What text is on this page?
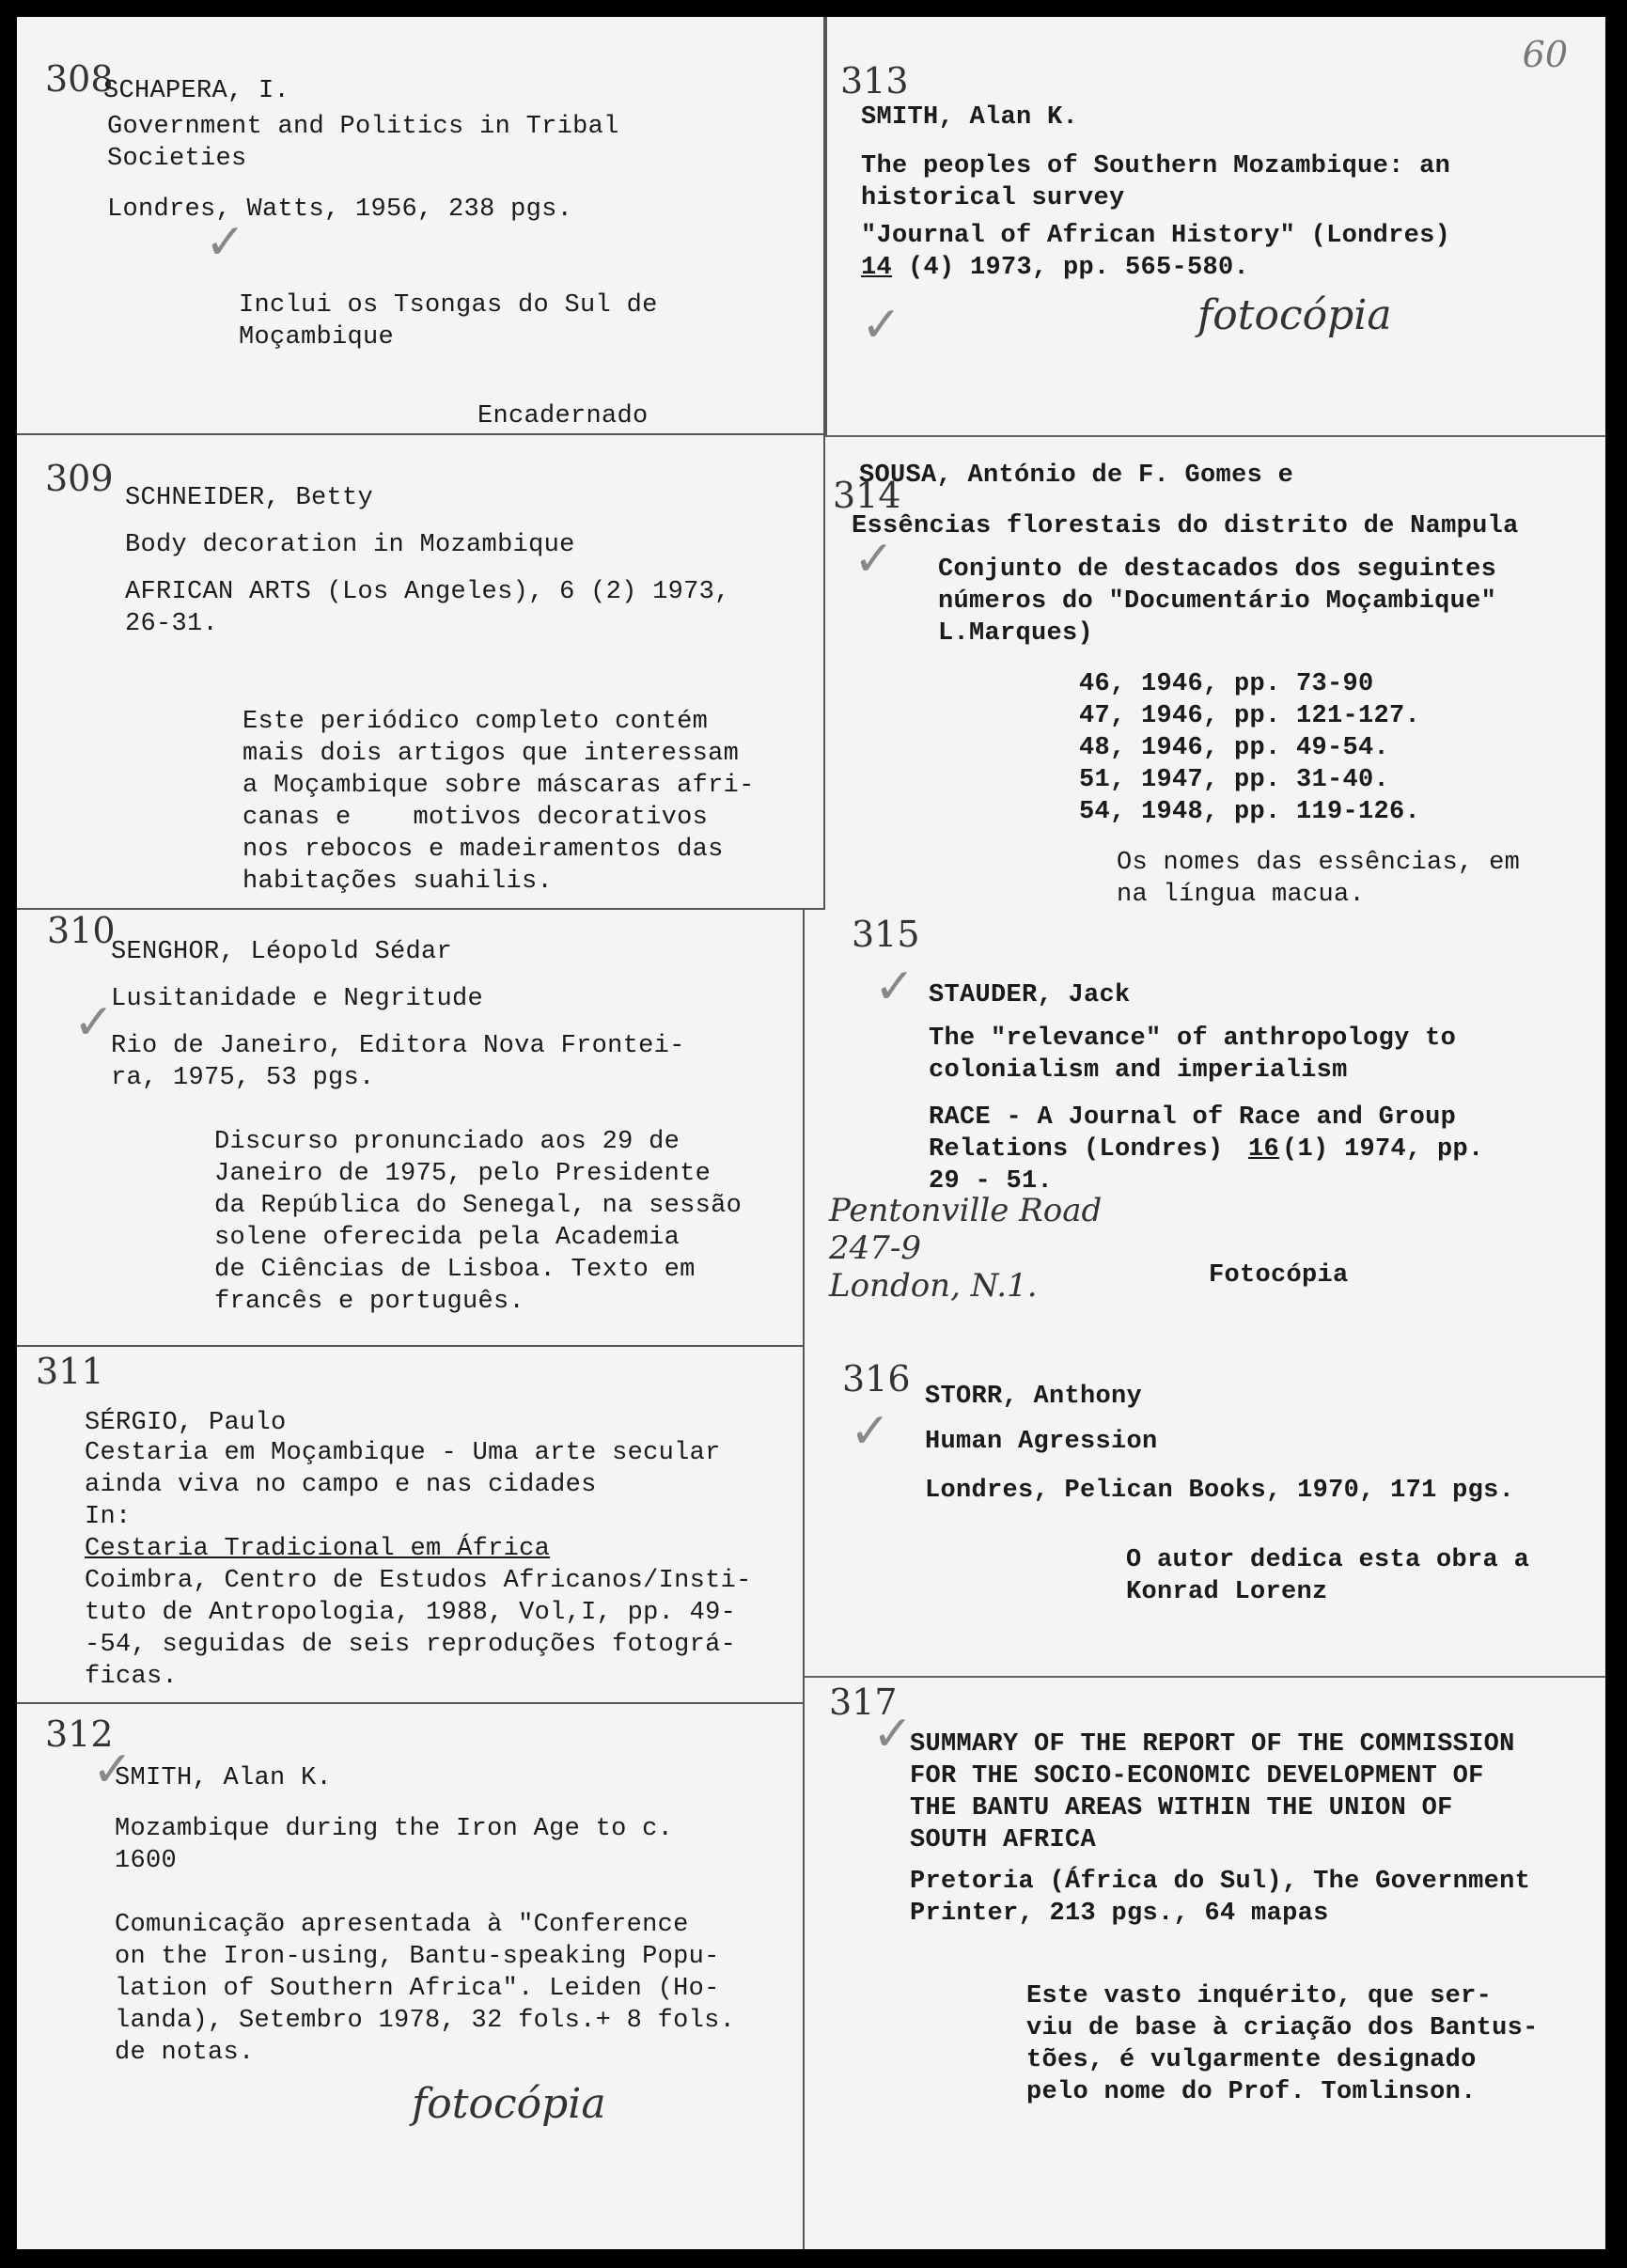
60
308
SCHAPERA, I.
Government and Politics in Tribal
Societies
Londres, Watts, 1956, 238 pgs.
✓
Inclui os Tsongas do Sul de
Moçambique
Encadernado
309 SCHNEIDER, Betty
Body decoration in Mozambique
AFRICAN ARTS (Los Angeles), 6 (2) 1973,
26-31.
Este periódico completo contém
mais dois artigos que interessam
a Moçambique sobre máscaras afri-
canas e    motivos decorativos
nos rebocos e madeiramentos das
habitações suahilis.
310
SENGHOR, Léopold Sédar
✓
Lusitanidade e Negritude
Rio de Janeiro, Editora Nova Frontei-
ra, 1975, 53 pgs.
Discurso pronunciado aos 29 de
Janeiro de 1975, pelo Presidente
da República do Senegal, na sessão
solene oferecida pela Academia
de Ciências de Lisboa. Texto em
francês e português.
311
SÉRGIO, Paulo
Cestaria em Moçambique - Uma arte secular
ainda viva no campo e nas cidades
In:
Cestaria Tradicional em África
Coimbra, Centro de Estudos Africanos/Insti-
tuto de Antropologia, 1988, Vol,I, pp. 49-
-54, seguidas de seis reproduções fotográ-
ficas.
312
✓
SMITH, Alan K.
Mozambique during the Iron Age to c.
1600
Comunicação apresentada à "Conference
on the Iron-using, Bantu-speaking Popu-
lation of Southern Africa". Leiden (Ho-
landa), Setembro 1978, 32 fols.+ 8 fols.
de notas.
fotocópia
313
SMITH, Alan K.
The peoples of Southern Mozambique: an
historical survey
"Journal of African History" (Londres)
14 (4) 1973, pp. 565-580.
✓	fotocópia
SOUSA, António de F. Gomes e
314
Essências florestais do distrito de Nampula
✓ Conjunto de destacados dos seguintes
números do "Documentário Moçambique"
L.Marques)
46, 1946, pp. 73-90
47, 1946, pp. 121-127.
48, 1946, pp. 49-54.
51, 1947, pp. 31-40.
54, 1948, pp. 119-126.
Os nomes das essências, em
na língua macua.
315
✓ STAUDER, Jack
The "relevance" of anthropology to
colonialism and imperialism
RACE - A Journal of Race and Group
Relations (Londres) 16 (1) 1974, pp.
29 - 51.
Pentonville Road
247-9
London, N.1.	Fotocópia
316
✓
STORR, Anthony
Human Agression
Londres, Pelican Books, 1970, 171 pgs.
O autor dedica esta obra a
Konrad Lorenz
317
✓
SUMMARY OF THE REPORT OF THE COMMISSION
FOR THE SOCIO-ECONOMIC DEVELOPMENT OF
THE BANTU AREAS WITHIN THE UNION OF
SOUTH AFRICA
Pretoria (África do Sul), The Government
Printer, 213 pgs., 64 mapas
Este vasto inquérito, que ser-
viu de base à criação dos Bantus-
tões, é vulgarmente designado
pelo nome do Prof. Tomlinson.
